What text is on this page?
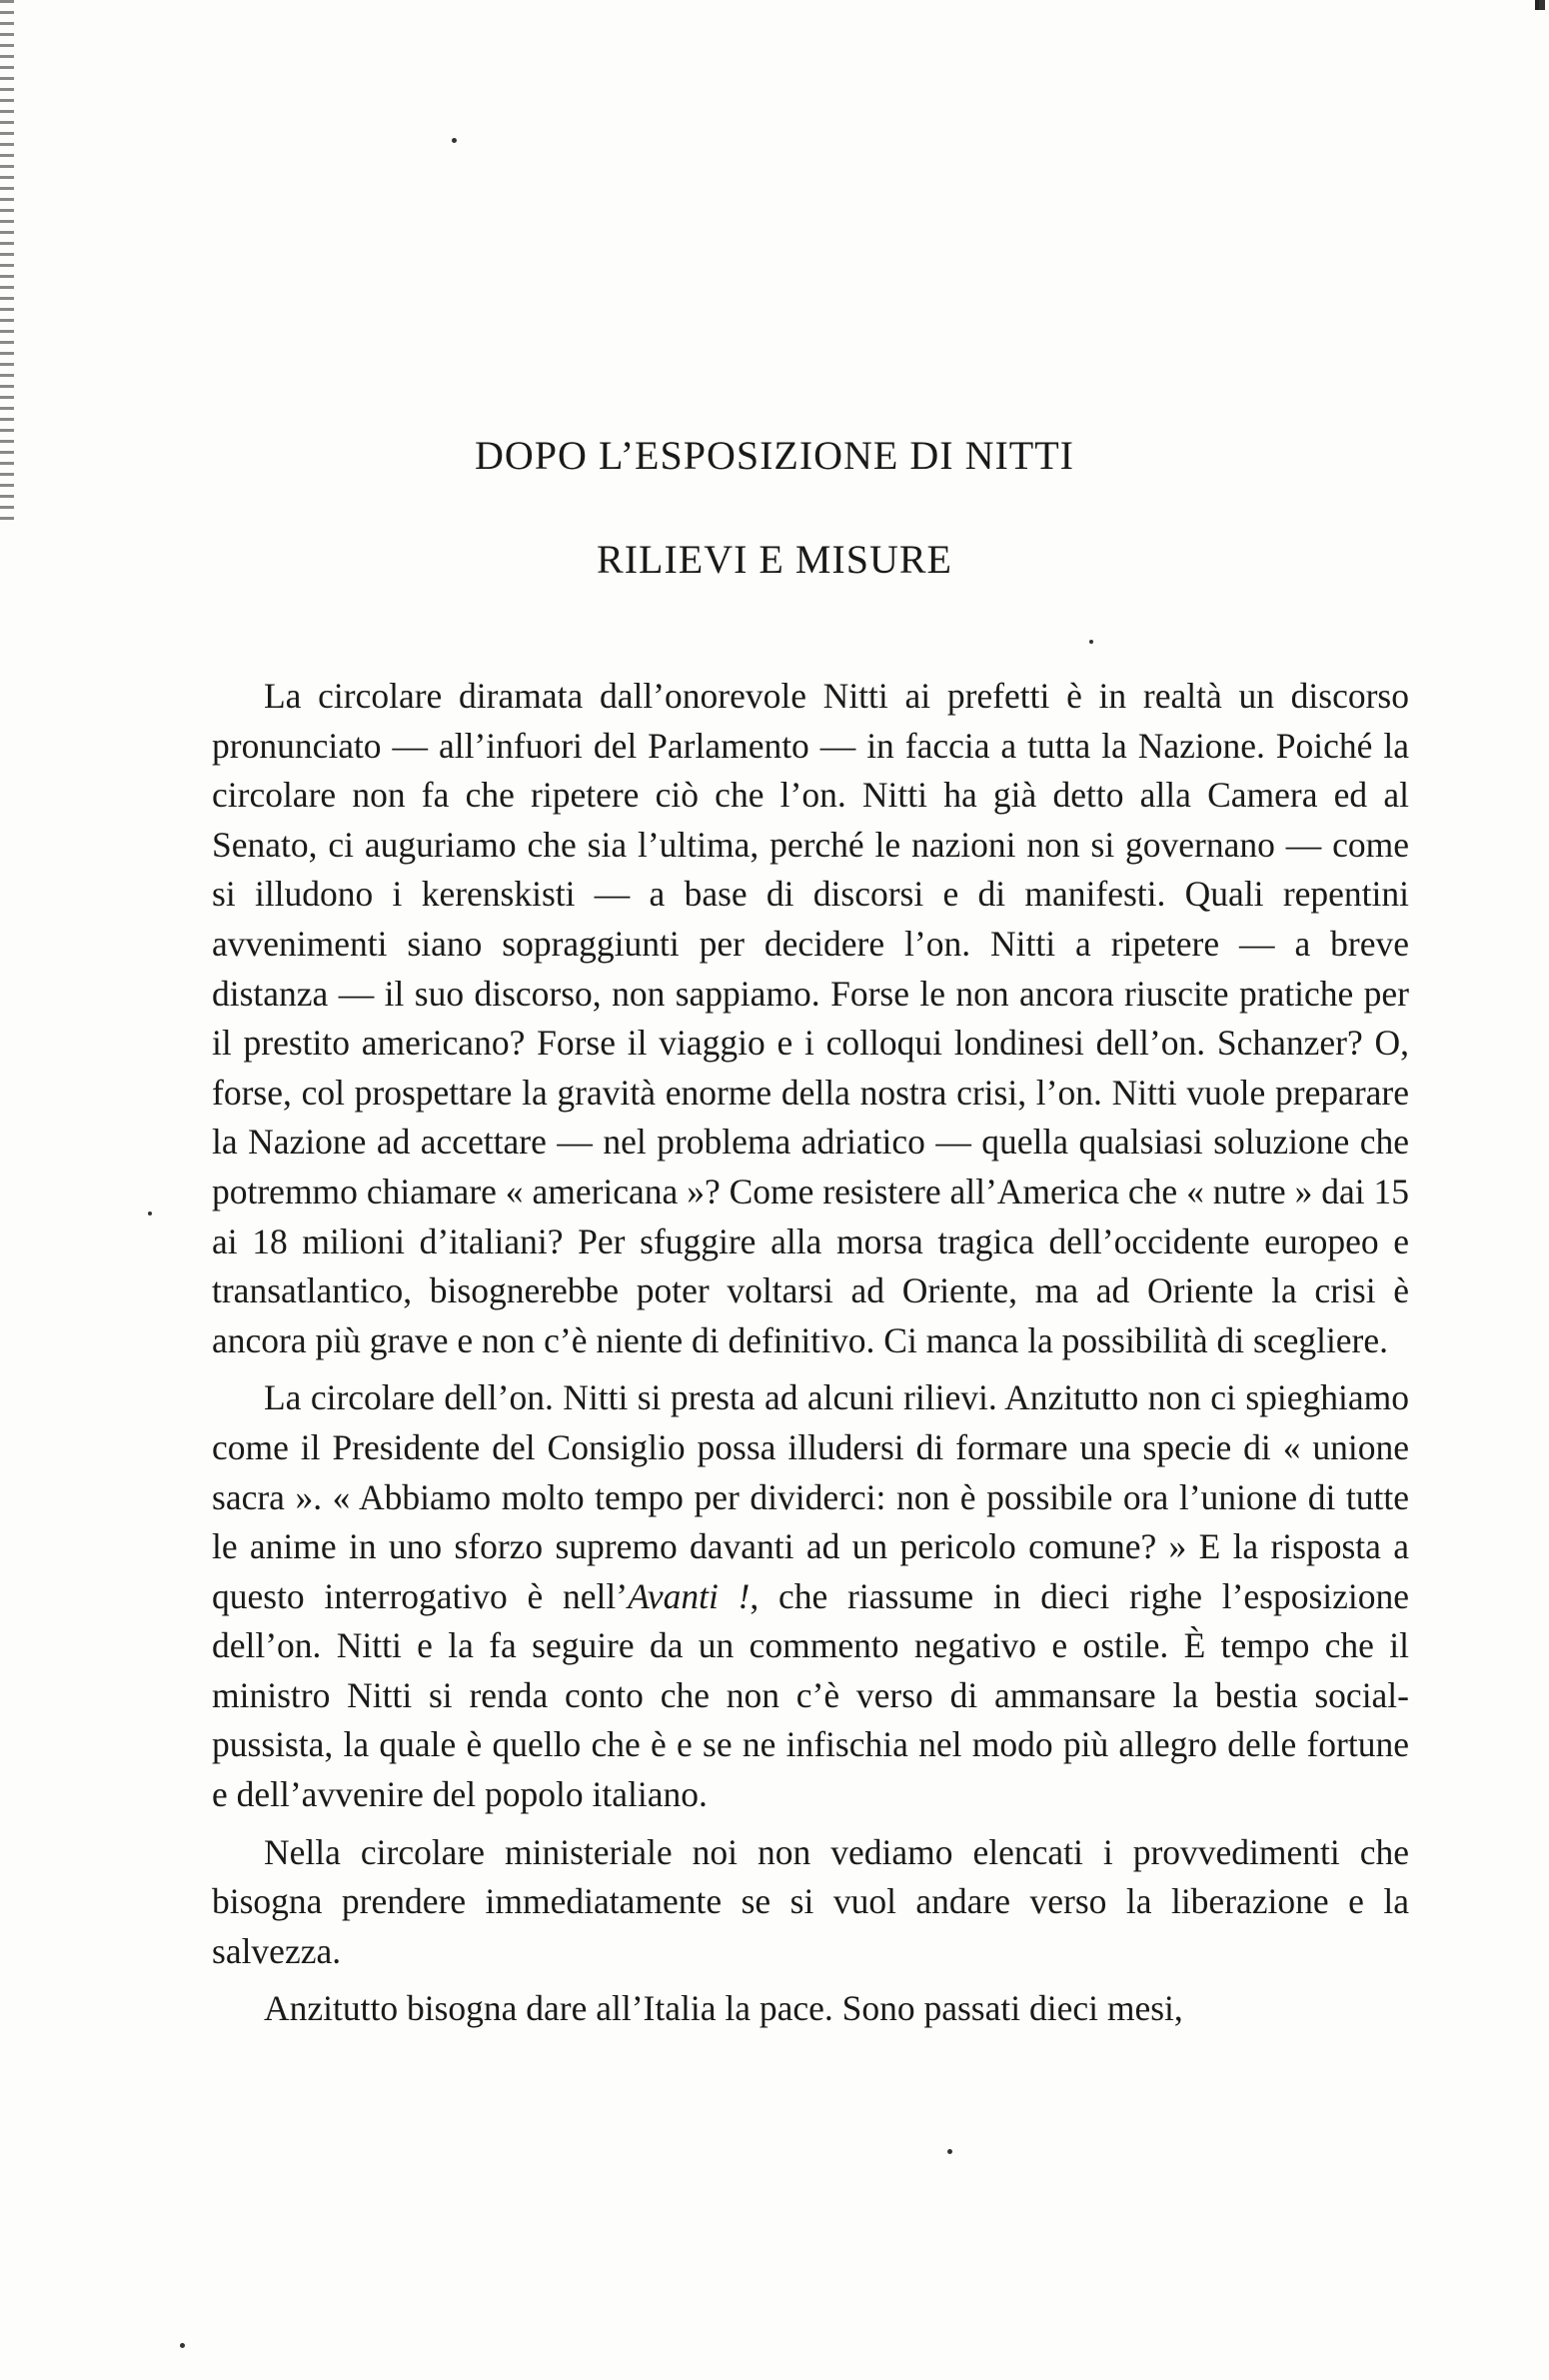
DOPO L’ESPOSIZIONE DI NITTI
RILIEVI E MISURE

La circolare diramata dall’onorevole Nitti ai prefetti è in realtà un discorso pronunciato — all’infuori del Parlamento — in faccia a tutta la Nazione. Poiché la circolare non fa che ripetere ciò che l’on. Nitti ha già detto alla Camera ed al Senato, ci auguriamo che sia l’ultima, perché le nazioni non si governano — come si illudono i kerenskisti — a base di discorsi e di manifesti. Quali repentini avvenimenti siano sopraggiunti per decidere l’on. Nitti a ripetere — a breve distanza — il suo discorso, non sappiamo. Forse le non ancora riuscite pratiche per il prestito americano? Forse il viaggio e i colloqui londinesi dell’on. Schanzer? O, forse, col prospettare la gravità enorme della nostra crisi, l’on. Nitti vuole preparare la Nazione ad accettare — nel problema adriatico — quella qualsiasi soluzione che potremmo chiamare « americana »? Come resistere all’America che « nutre » dai 15 ai 18 milioni d’italiani? Per sfuggire alla morsa tragica dell’occidente europeo e transatlantico, bisognerebbe poter voltarsi ad Oriente, ma ad Oriente la crisi è ancora più grave e non c’è niente di definitivo. Ci manca la possibilità di scegliere.

La circolare dell’on. Nitti si presta ad alcuni rilievi. Anzitutto non ci spieghiamo come il Presidente del Consiglio possa illudersi di formare una specie di « unione sacra ». « Abbiamo molto tempo per dividerci: non è possibile ora l’unione di tutte le anime in uno sforzo supremo davanti ad un pericolo comune? » E la risposta a questo interrogativo è nell’Avanti !, che riassume in dieci righe l’esposizione dell’on. Nitti e la fa seguire da un commento negativo e ostile. È tempo che il ministro Nitti si renda conto che non c’è verso di ammansare la bestia social-pussista, la quale è quello che è e se ne infischia nel modo più allegro delle fortune e dell’avvenire del popolo italiano.

Nella circolare ministeriale noi non vediamo elencati i provvedimenti che bisogna prendere immediatamente se si vuol andare verso la liberazione e la salvezza.

Anzitutto bisogna dare all’Italia la pace. Sono passati dieci mesi,
